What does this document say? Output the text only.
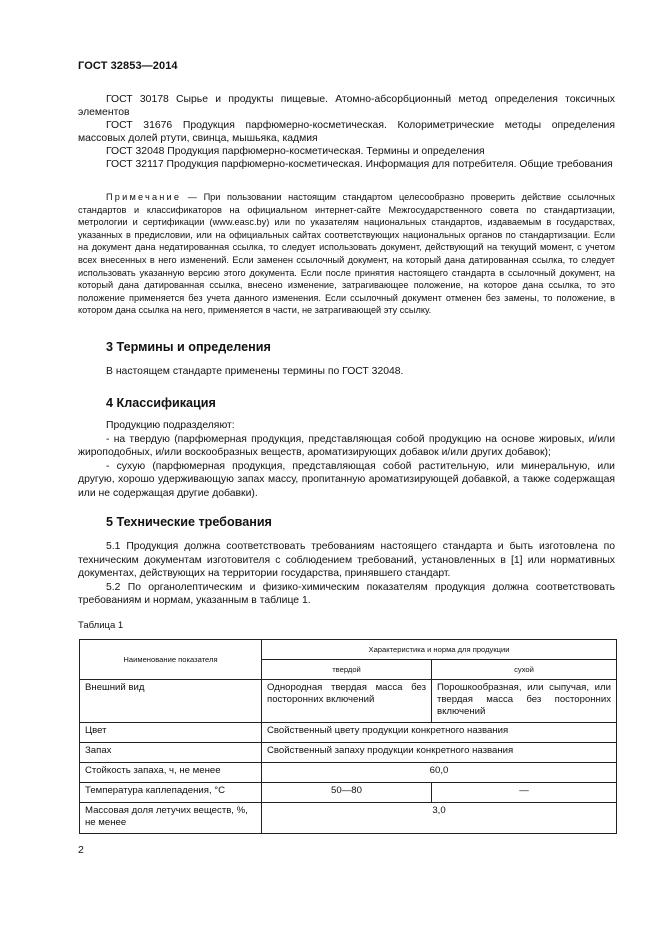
ГОСТ 32853—2014

ГОСТ 30178 Сырье и продукты пищевые. Атомно-абсорбционный метод определения токсичных элементов

ГОСТ 31676 Продукция парфюмерно-косметическая. Колориметрические методы определения массовых долей ртути, свинца, мышьяка, кадмия

ГОСТ 32048 Продукция парфюмерно-косметическая. Термины и определения

ГОСТ 32117 Продукция парфюмерно-косметическая. Информация для потребителя. Общие требования

Примечание — При пользовании настоящим стандартом целесообразно проверить действие ссылочных стандартов и классификаторов на официальном интернет-сайте Межгосударственного совета по стандартизации, метрологии и сертификации (www.easc.by) или по указателям национальных стандартов, издаваемым в государствах, указанных в предисловии, или на официальных сайтах соответствующих национальных органов по стандартизации. Если на документ дана недатированная ссылка, то следует использовать документ, действующий на текущий момент, с учетом всех внесенных в него изменений. Если заменен ссылочный документ, на который дана датированная ссылка, то следует использовать указанную версию этого документа. Если после принятия настоящего стандарта в ссылочный документ, на который дана датированная ссылка, внесено изменение, затрагивающее положение, на которое дана ссылка, то это положение применяется без учета данного изменения. Если ссылочный документ отменен без замены, то положение, в котором дана ссылка на него, применяется в части, не затрагивающей эту ссылку.

3 Термины и определения

В настоящем стандарте применены термины по ГОСТ 32048.

4 Классификация

Продукцию подразделяют:

- на твердую (парфюмерная продукция, представляющая собой продукцию на основе жировых, и/или жироподобных, и/или воскообразных веществ, ароматизирующих добавок и/или других добавок);

- сухую (парфюмерная продукция, представляющая собой растительную, или минеральную, или другую, хорошо удерживающую запах массу, пропитанную ароматизирующей добавкой, а также содержащая или не содержащая другие добавки).

5 Технические требования

5.1 Продукция должна соответствовать требованиям настоящего стандарта и быть изготовлена по техническим документам изготовителя с соблюдением требований, установленных в [1] или нормативных документах, действующих на территории государства, принявшего стандарт.

5.2 По органолептическим и физико-химическим показателям продукция должна соответствовать требованиям и нормам, указанным в таблице 1.

Таблица 1
Наименование показателя	Характеристика и норма для продукции	
	твердой	сухой
Внешний вид	Однородная твердая масса без посторонних включений	Порошкообразная, или сыпучая, или твердая масса без посторонних включений
Цвет	Свойственный цвету продукции конкретного названия	
Запах	Свойственный запаху продукции конкретного названия	
Стойкость запаха, ч, не менее	60,0	
Температура каплепадения, °С	50—80	—
Массовая доля летучих веществ, %, не менее	3,0	
2
